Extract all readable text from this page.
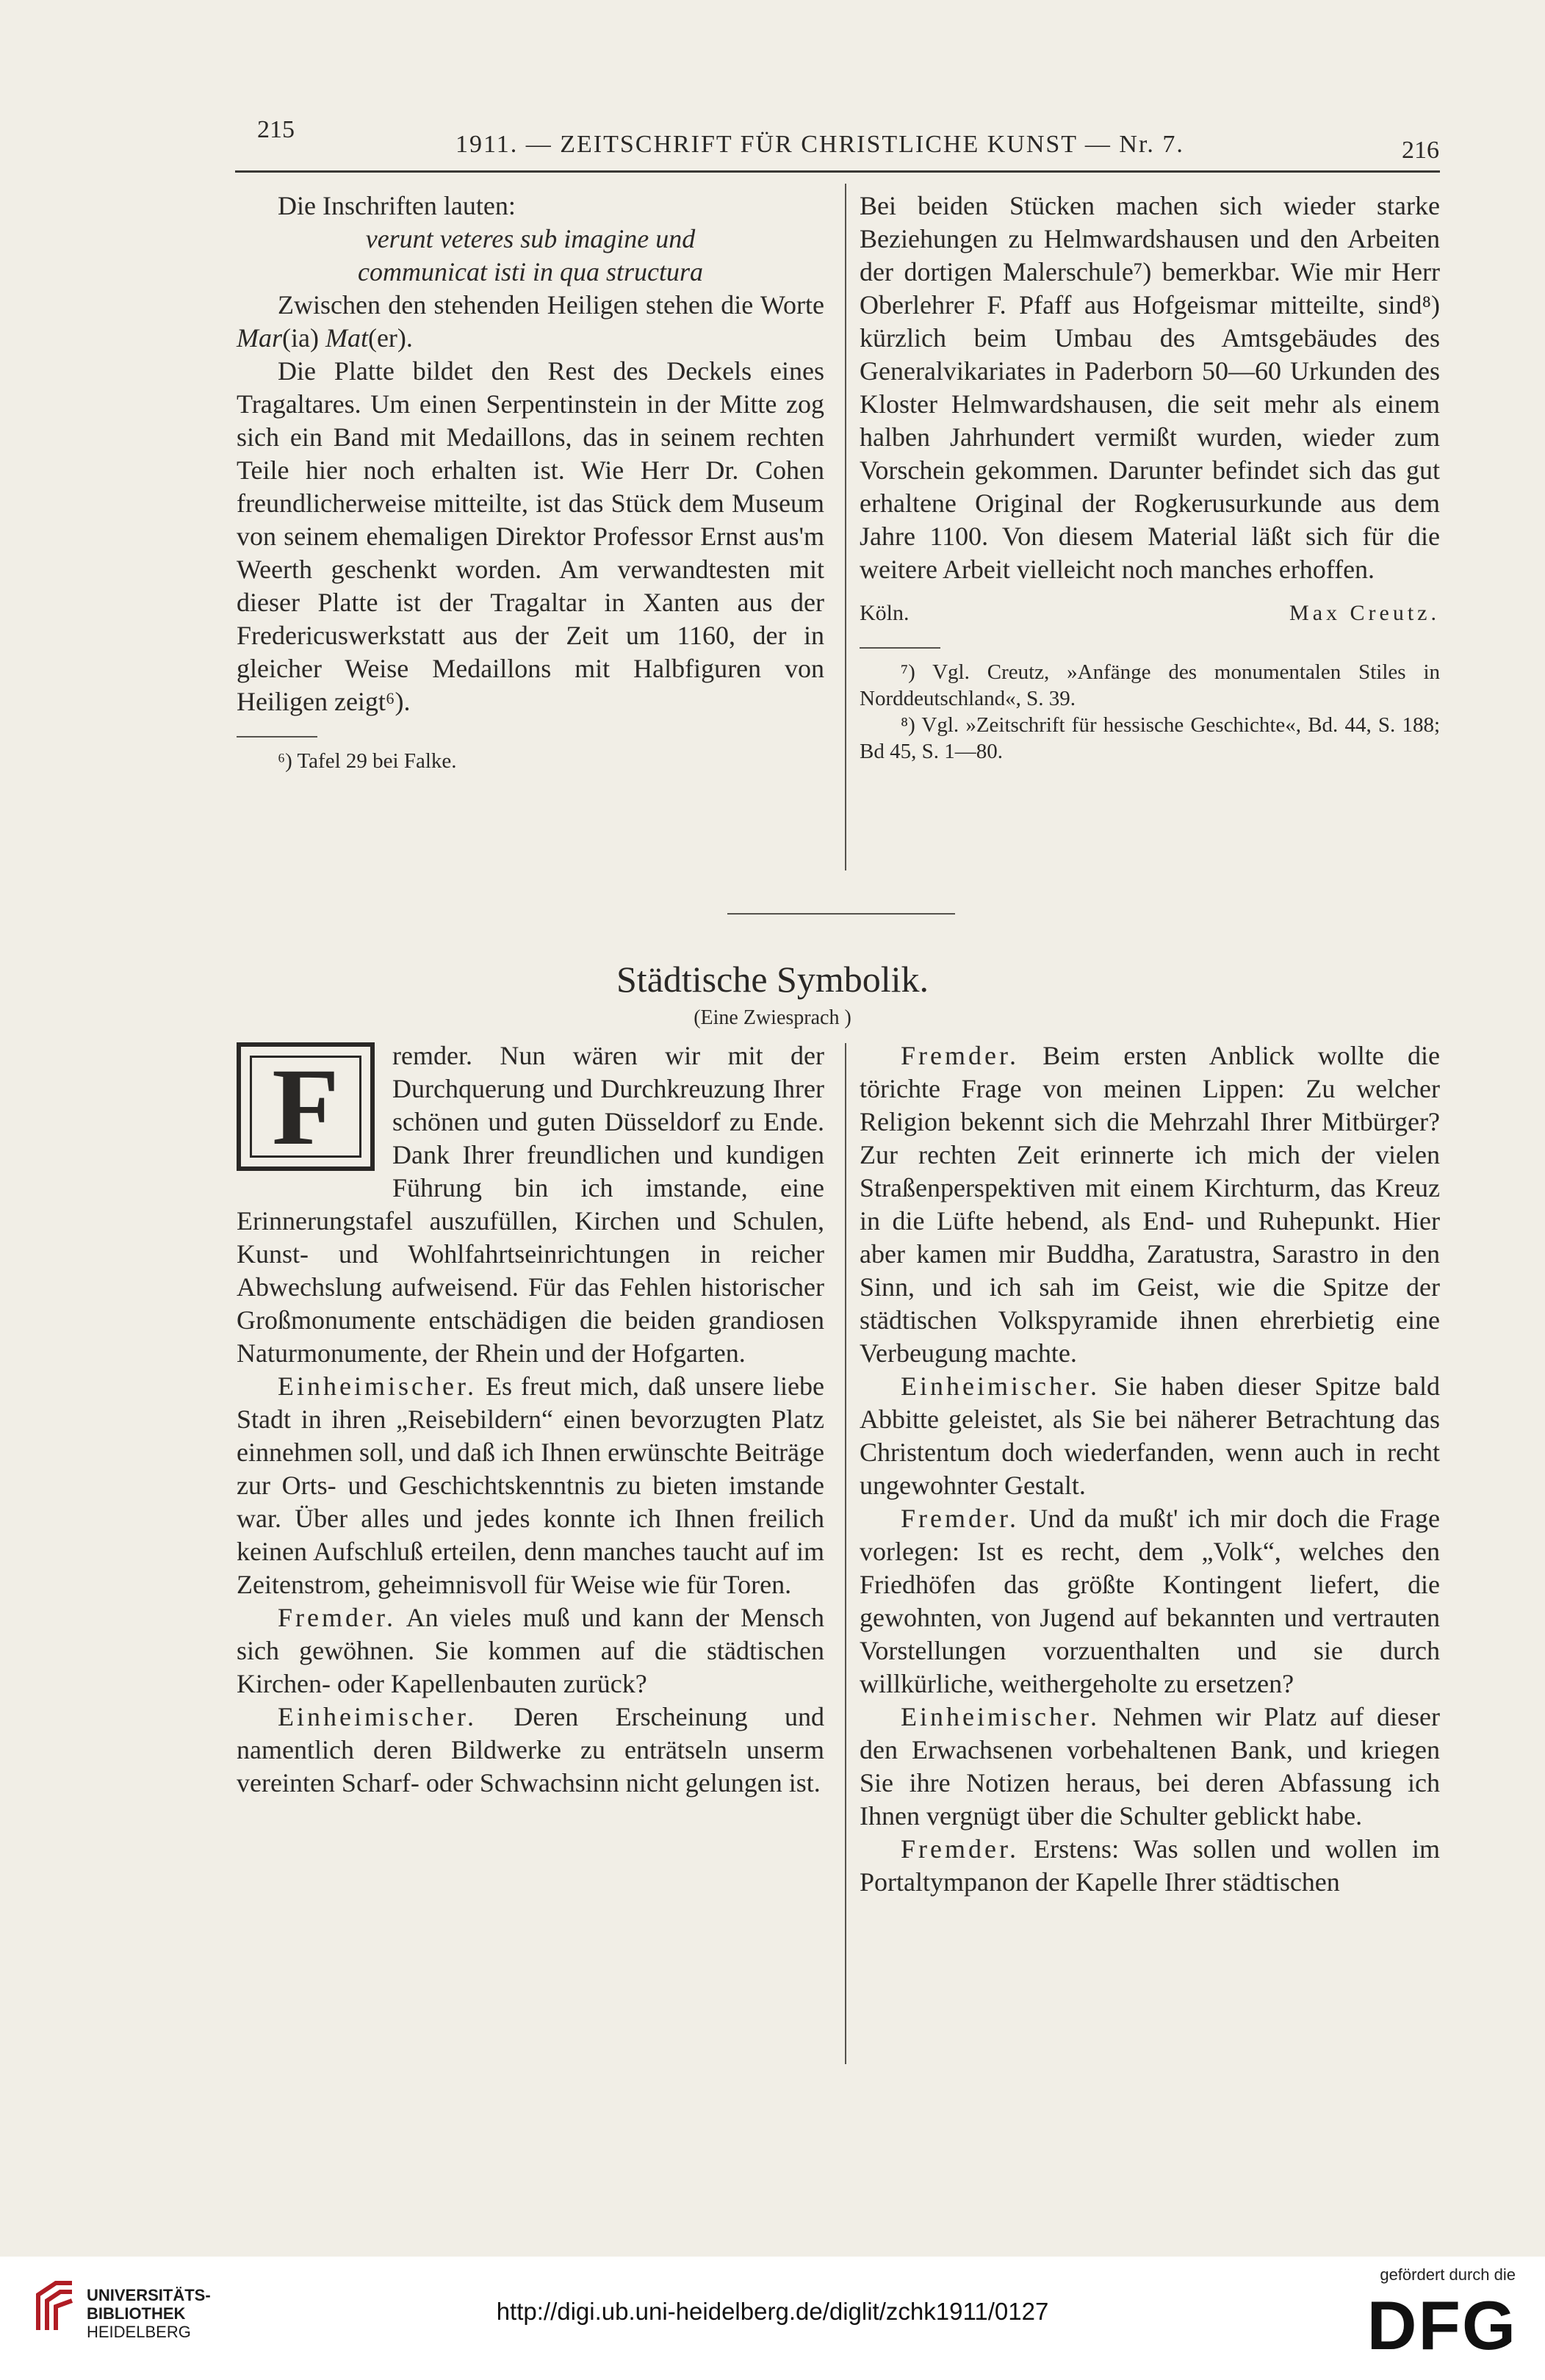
215
1911. — ZEITSCHRIFT FÜR CHRISTLICHE KUNST — Nr. 7.	216

Die Inschriften lauten:

verunt veteres sub imagine und

communicat isti in qua structura

Zwischen den stehenden Heiligen stehen die Worte Mar(ia) Mat(er).

Die Platte bildet den Rest des Deckels eines Tragaltares. Um einen Serpentinstein in der Mitte zog sich ein Band mit Medaillons, das in seinem rechten Teile hier noch erhalten ist. Wie Herr Dr. Cohen freundlicherweise mitteilte, ist das Stück dem Museum von seinem ehemaligen Direktor Professor Ernst aus'm Weerth geschenkt worden. Am verwandtesten mit dieser Platte ist der Tragaltar in Xanten aus der Fredericuswerkstatt aus der Zeit um 1160, der in gleicher Weise Medaillons mit Halbfiguren von Heiligen zeigt⁶).

⁶) Tafel 29 bei Falke.

Bei beiden Stücken machen sich wieder starke Beziehungen zu Helmwardshausen und den Arbeiten der dortigen Malerschule⁷) bemerkbar. Wie mir Herr Oberlehrer F. Pfaff aus Hofgeismar mitteilte, sind⁸) kürzlich beim Umbau des Amtsgebäudes des Generalvikariates in Paderborn 50—60 Urkunden des Kloster Helmwardshausen, die seit mehr als einem halben Jahrhundert vermißt wurden, wieder zum Vorschein gekommen. Darunter befindet sich das gut erhaltene Original der Rogkerusurkunde aus dem Jahre 1100. Von diesem Material läßt sich für die weitere Arbeit vielleicht noch manches erhoffen.

Köln.	Max Creutz.

⁷) Vgl. Creutz, »Anfänge des monumentalen Stiles in Norddeutschland«, S. 39.

⁸) Vgl. »Zeitschrift für hessische Geschichte«, Bd. 44, S. 188; Bd 45, S. 1—80.

Städtische Symbolik.
(Eine Zwiesprach )

F remder. Nun wären wir mit der Durchquerung und Durchkreuzung Ihrer schönen und guten Düsseldorf zu Ende. Dank Ihrer freundlichen und kundigen Führung bin ich imstande, eine Erinnerungstafel auszufüllen, Kirchen und Schulen, Kunst- und Wohlfahrtseinrichtungen in reicher Abwechslung aufweisend. Für das Fehlen historischer Großmonumente entschädigen die beiden grandiosen Naturmonumente, der Rhein und der Hofgarten.

Einheimischer. Es freut mich, daß unsere liebe Stadt in ihren „Reisebildern“ einen bevorzugten Platz einnehmen soll, und daß ich Ihnen erwünschte Beiträge zur Orts- und Geschichtskenntnis zu bieten imstande war. Über alles und jedes konnte ich Ihnen freilich keinen Aufschluß erteilen, denn manches taucht auf im Zeitenstrom, geheimnisvoll für Weise wie für Toren.

Fremder. An vieles muß und kann der Mensch sich gewöhnen. Sie kommen auf die städtischen Kirchen- oder Kapellenbauten zurück?

Einheimischer. Deren Erscheinung und namentlich deren Bildwerke zu enträtseln unserm vereinten Scharf- oder Schwachsinn nicht gelungen ist.

Fremder. Beim ersten Anblick wollte die törichte Frage von meinen Lippen: Zu welcher Religion bekennt sich die Mehrzahl Ihrer Mitbürger? Zur rechten Zeit erinnerte ich mich der vielen Straßenperspektiven mit einem Kirchturm, das Kreuz in die Lüfte hebend, als End- und Ruhepunkt. Hier aber kamen mir Buddha, Zaratustra, Sarastro in den Sinn, und ich sah im Geist, wie die Spitze der städtischen Volkspyramide ihnen ehrerbietig eine Verbeugung machte.

Einheimischer. Sie haben dieser Spitze bald Abbitte geleistet, als Sie bei näherer Betrachtung das Christentum doch wiederfanden, wenn auch in recht ungewohnter Gestalt.

Fremder. Und da mußt' ich mir doch die Frage vorlegen: Ist es recht, dem „Volk“, welches den Friedhöfen das größte Kontingent liefert, die gewohnten, von Jugend auf bekannten und vertrauten Vorstellungen vorzuenthalten und sie durch willkürliche, weithergeholte zu ersetzen?

Einheimischer. Nehmen wir Platz auf dieser den Erwachsenen vorbehaltenen Bank, und kriegen Sie ihre Notizen heraus, bei deren Abfassung ich Ihnen vergnügt über die Schulter geblickt habe.

Fremder. Erstens: Was sollen und wollen im Portaltympanon der Kapelle Ihrer städtischen

UNIVERSITÄTS-
BIBLIOTHEK
HEIDELBERG
http://digi.ub.uni-heidelberg.de/diglit/zchk1911/0127
gefördert durch die
DFG
